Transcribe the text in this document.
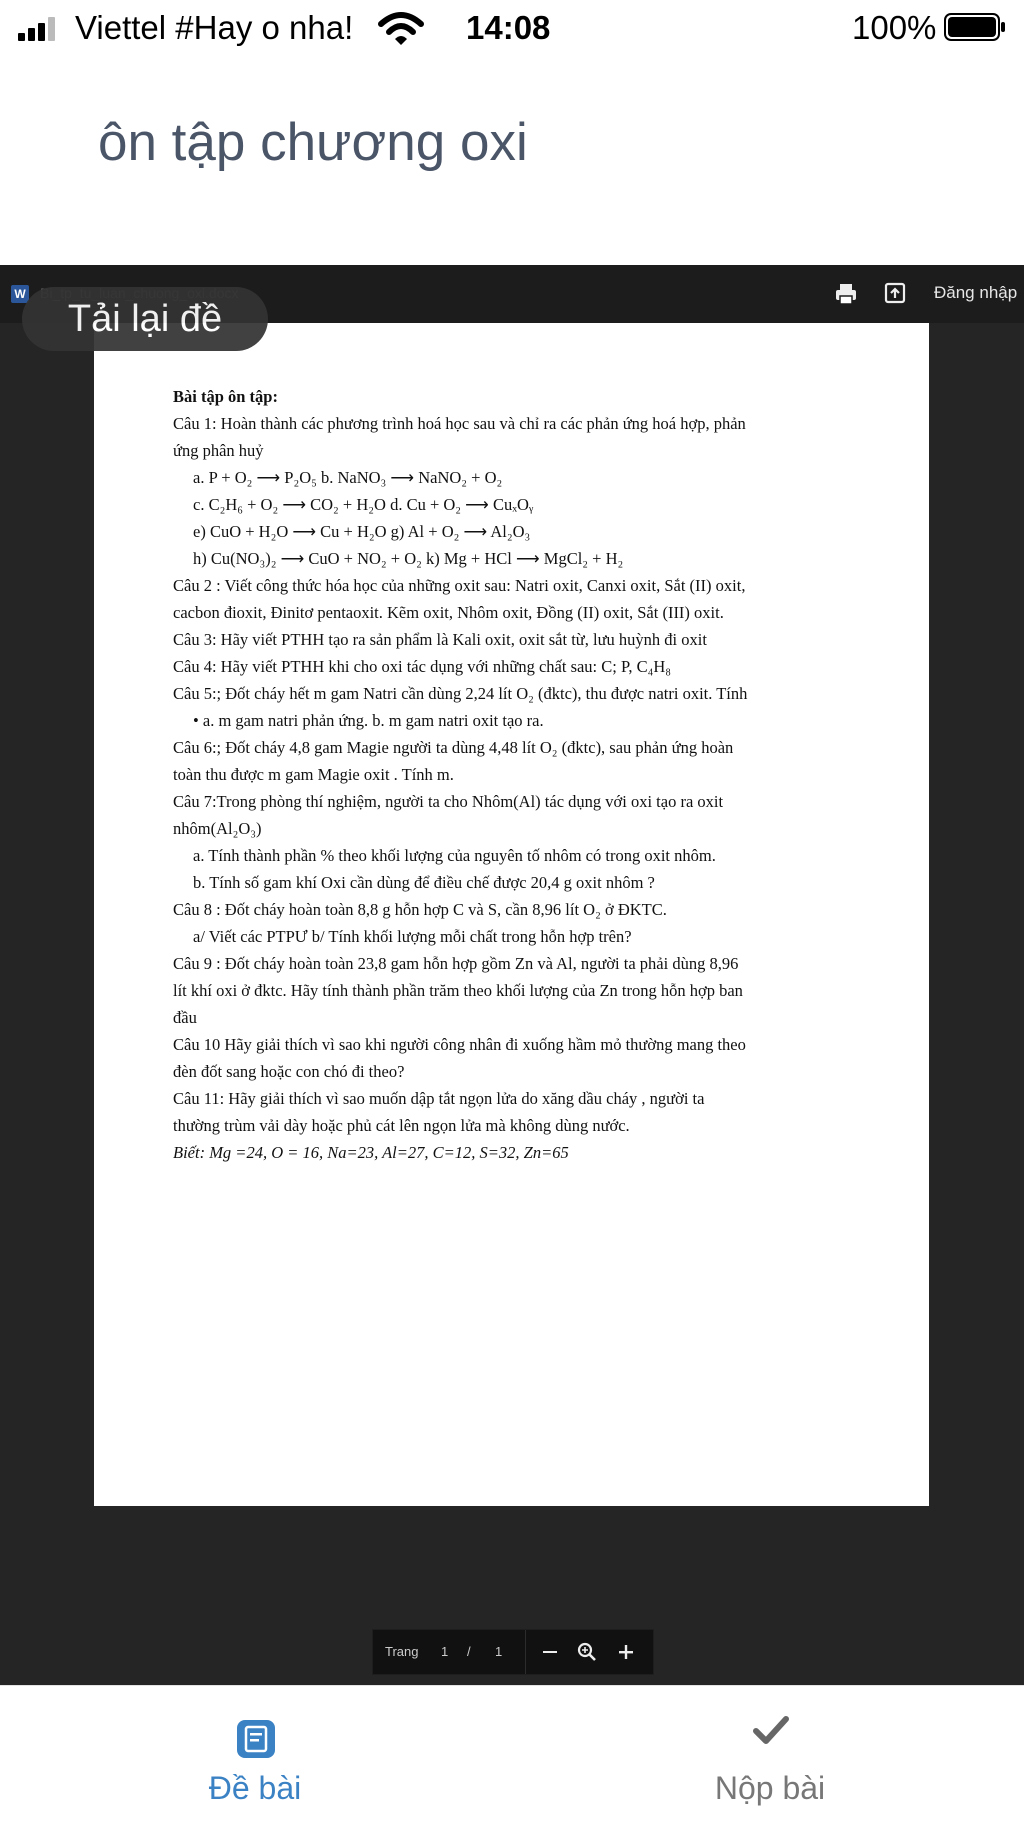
Viettel #Hay o nha!	14:08	100%
ôn tập chương oxi
W	Đăng nhập
Bài tập ôn tập:
Câu 1: Hoàn thành các phương trình hoá học sau và chỉ ra các phản ứng hoá hợp, phản
ứng phân huỷ
a. P + O₂ ⟶ P₂O₅ b. NaNO₃ ⟶ NaNO₂ + O₂
c. C₂H₆ + O₂ ⟶ CO₂ + H₂O d. Cu + O₂ ⟶ CuₓOᵧ
e) CuO + H₂O ⟶ Cu + H₂O g) Al + O₂ ⟶ Al₂O₃
h) Cu(NO₃)₂ ⟶ CuO + NO₂ + O₂ k) Mg + HCl ⟶ MgCl₂ + H₂
Câu 2 : Viết công thức hóa học của những oxit sau: Natri oxit, Canxi oxit, Sắt (II) oxit,
cacbon đioxit, Đinitơ pentaoxit. Kẽm oxit, Nhôm oxit, Đồng (II) oxit, Sắt (III) oxit.
Câu 3: Hãy viết PTHH tạo ra sản phẩm là Kali oxit, oxit sắt từ, lưu huỳnh đi oxit
Câu 4: Hãy viết PTHH khi cho oxi tác dụng với những chất sau: C; P, C₄H₈
Câu 5:; Đốt cháy hết m gam Natri cần dùng 2,24 lít O₂ (đktc), thu được natri oxit. Tính
• a. m gam natri phản ứng. b. m gam natri oxit tạo ra.
Câu 6:; Đốt cháy 4,8 gam Magie người ta dùng 4,48 lít O₂ (đktc), sau phản ứng hoàn
toàn thu được m gam Magie oxit . Tính m.
Câu 7:Trong phòng thí nghiệm, người ta cho Nhôm(Al) tác dụng với oxi tạo ra oxit
nhôm(Al₂O₃)
a. Tính thành phần % theo khối lượng của nguyên tố nhôm có trong oxit nhôm.
b. Tính số gam khí Oxi cần dùng để điều chế được 20,4 g oxit nhôm ?
Câu 8 : Đốt cháy hoàn toàn 8,8 g hỗn hợp C và S, cần 8,96 lít O₂ ở ĐKTC.
a/ Viết các PTPƯ b/ Tính khối lượng mỗi chất trong hỗn hợp trên?
Câu 9 : Đốt cháy hoàn toàn 23,8 gam hỗn hợp gồm Zn và Al, người ta phải dùng 8,96
lít khí oxi ở đktc. Hãy tính thành phần trăm theo khối lượng của Zn trong hỗn hợp ban
đầu
Câu 10 Hãy giải thích vì sao khi người công nhân đi xuống hầm mỏ thường mang theo
đèn đốt sang hoặc con chó đi theo?
Câu 11: Hãy giải thích vì sao muốn dập tắt ngọn lửa do xăng dầu cháy , người ta
thường trùm vải dày hoặc phủ cát lên ngọn lửa mà không dùng nước.
Biết: Mg =24, O = 16, Na=23, Al=27, C=12, S=32, Zn=65
Tải lại đề
Trang 1 / 1
Đề bài	Nộp bài
